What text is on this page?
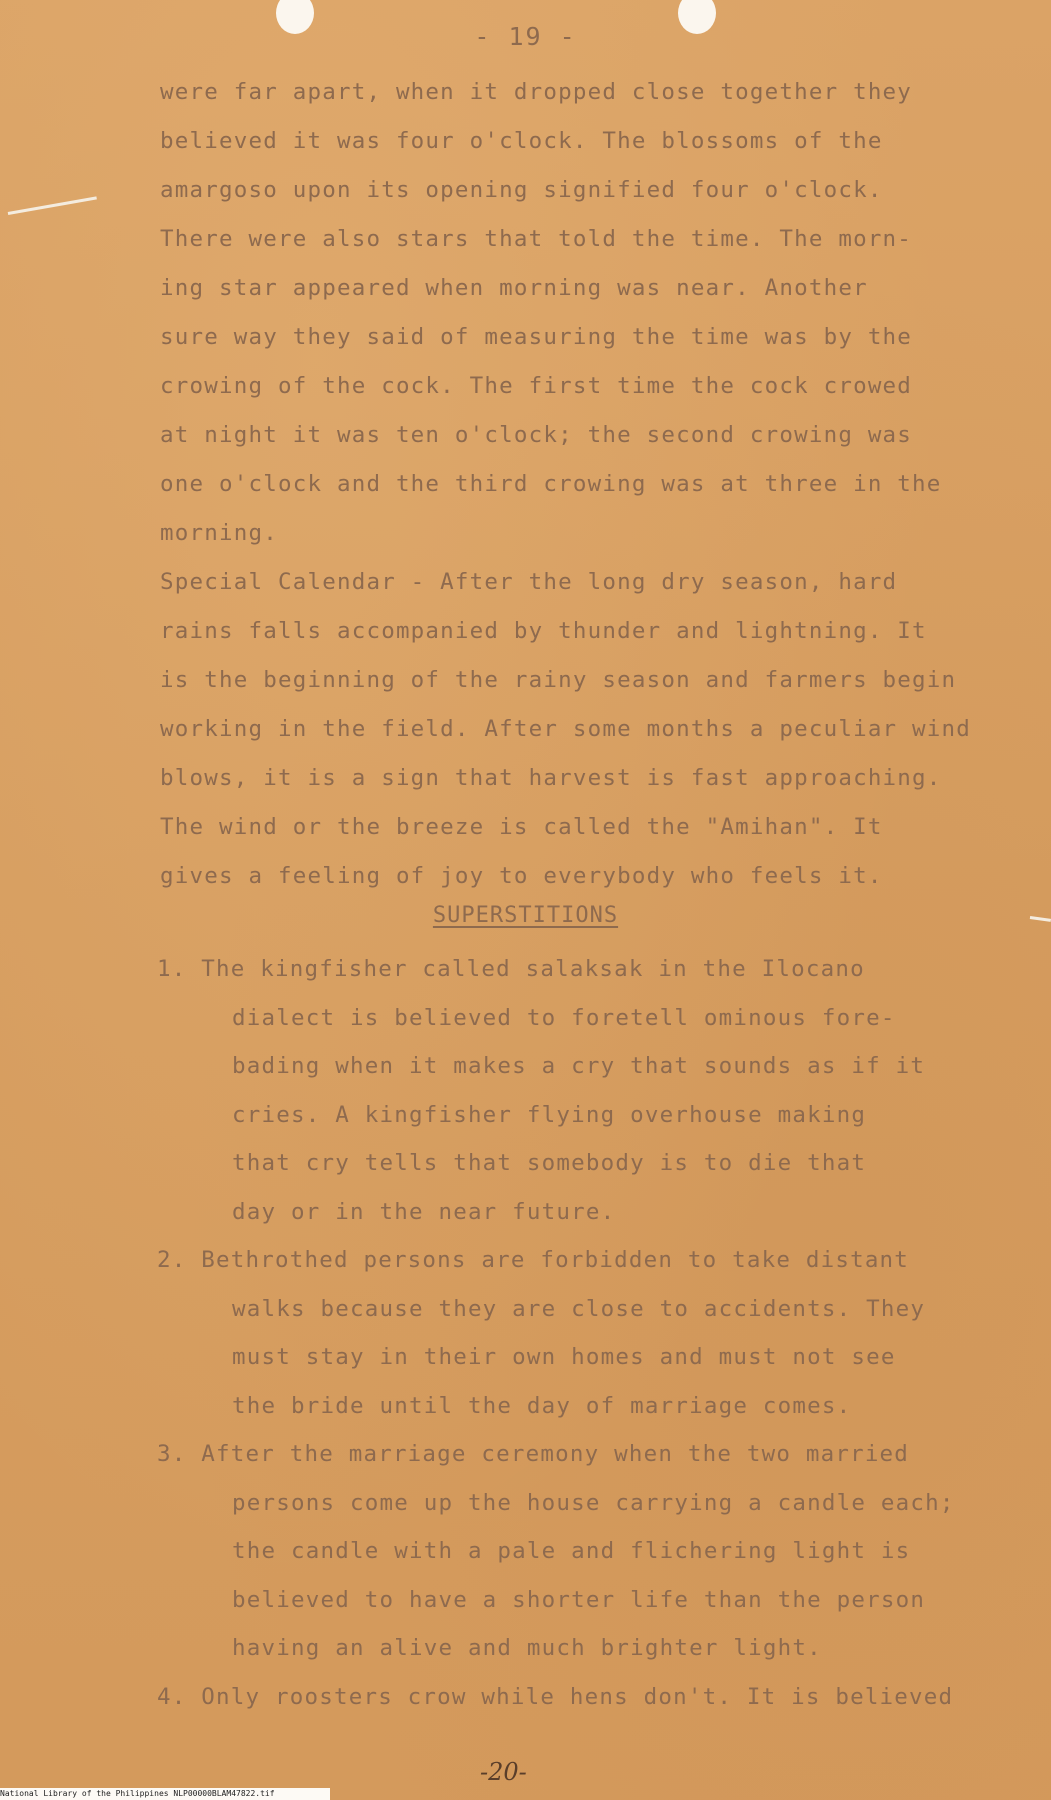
- 19 -
were far apart, when it dropped close together they
believed it was four o'clock. The blossoms of the
amargoso upon its opening signified four o'clock.
There were also stars that told the time. The morn-
ing star appeared when morning was near. Another
sure way they said of measuring the time was by the
crowing of the cock. The first time the cock crowed
at night it was ten o'clock; the second crowing was
one o'clock and the third crowing was at three in the
morning.
Special Calendar - After the long dry season, hard
rains falls accompanied by thunder and lightning. It
is the beginning of the rainy season and farmers begin
working in the field. After some months a peculiar wind
blows, it is a sign that harvest is fast approaching.
The wind or the breeze is called the "Amihan". It
gives a feeling of joy to everybody who feels it.
SUPERSTITIONS
1. The kingfisher called salaksak in the Ilocano
dialect is believed to foretell ominous fore-
bading when it makes a cry that sounds as if it
cries. A kingfisher flying overhouse making
that cry tells that somebody is to die that
day or in the near future.
2. Bethrothed persons are forbidden to take distant
walks because they are close to accidents. They
must stay in their own homes and must not see
the bride until the day of marriage comes.
3. After the marriage ceremony when the two married
persons come up the house carrying a candle each;
the candle with a pale and flichering light is
believed to have a shorter life than the person
having an alive and much brighter light.
4. Only roosters crow while hens don't. It is believed
-20-
National Library of the Philippines NLP00000BLAM47822.tif
